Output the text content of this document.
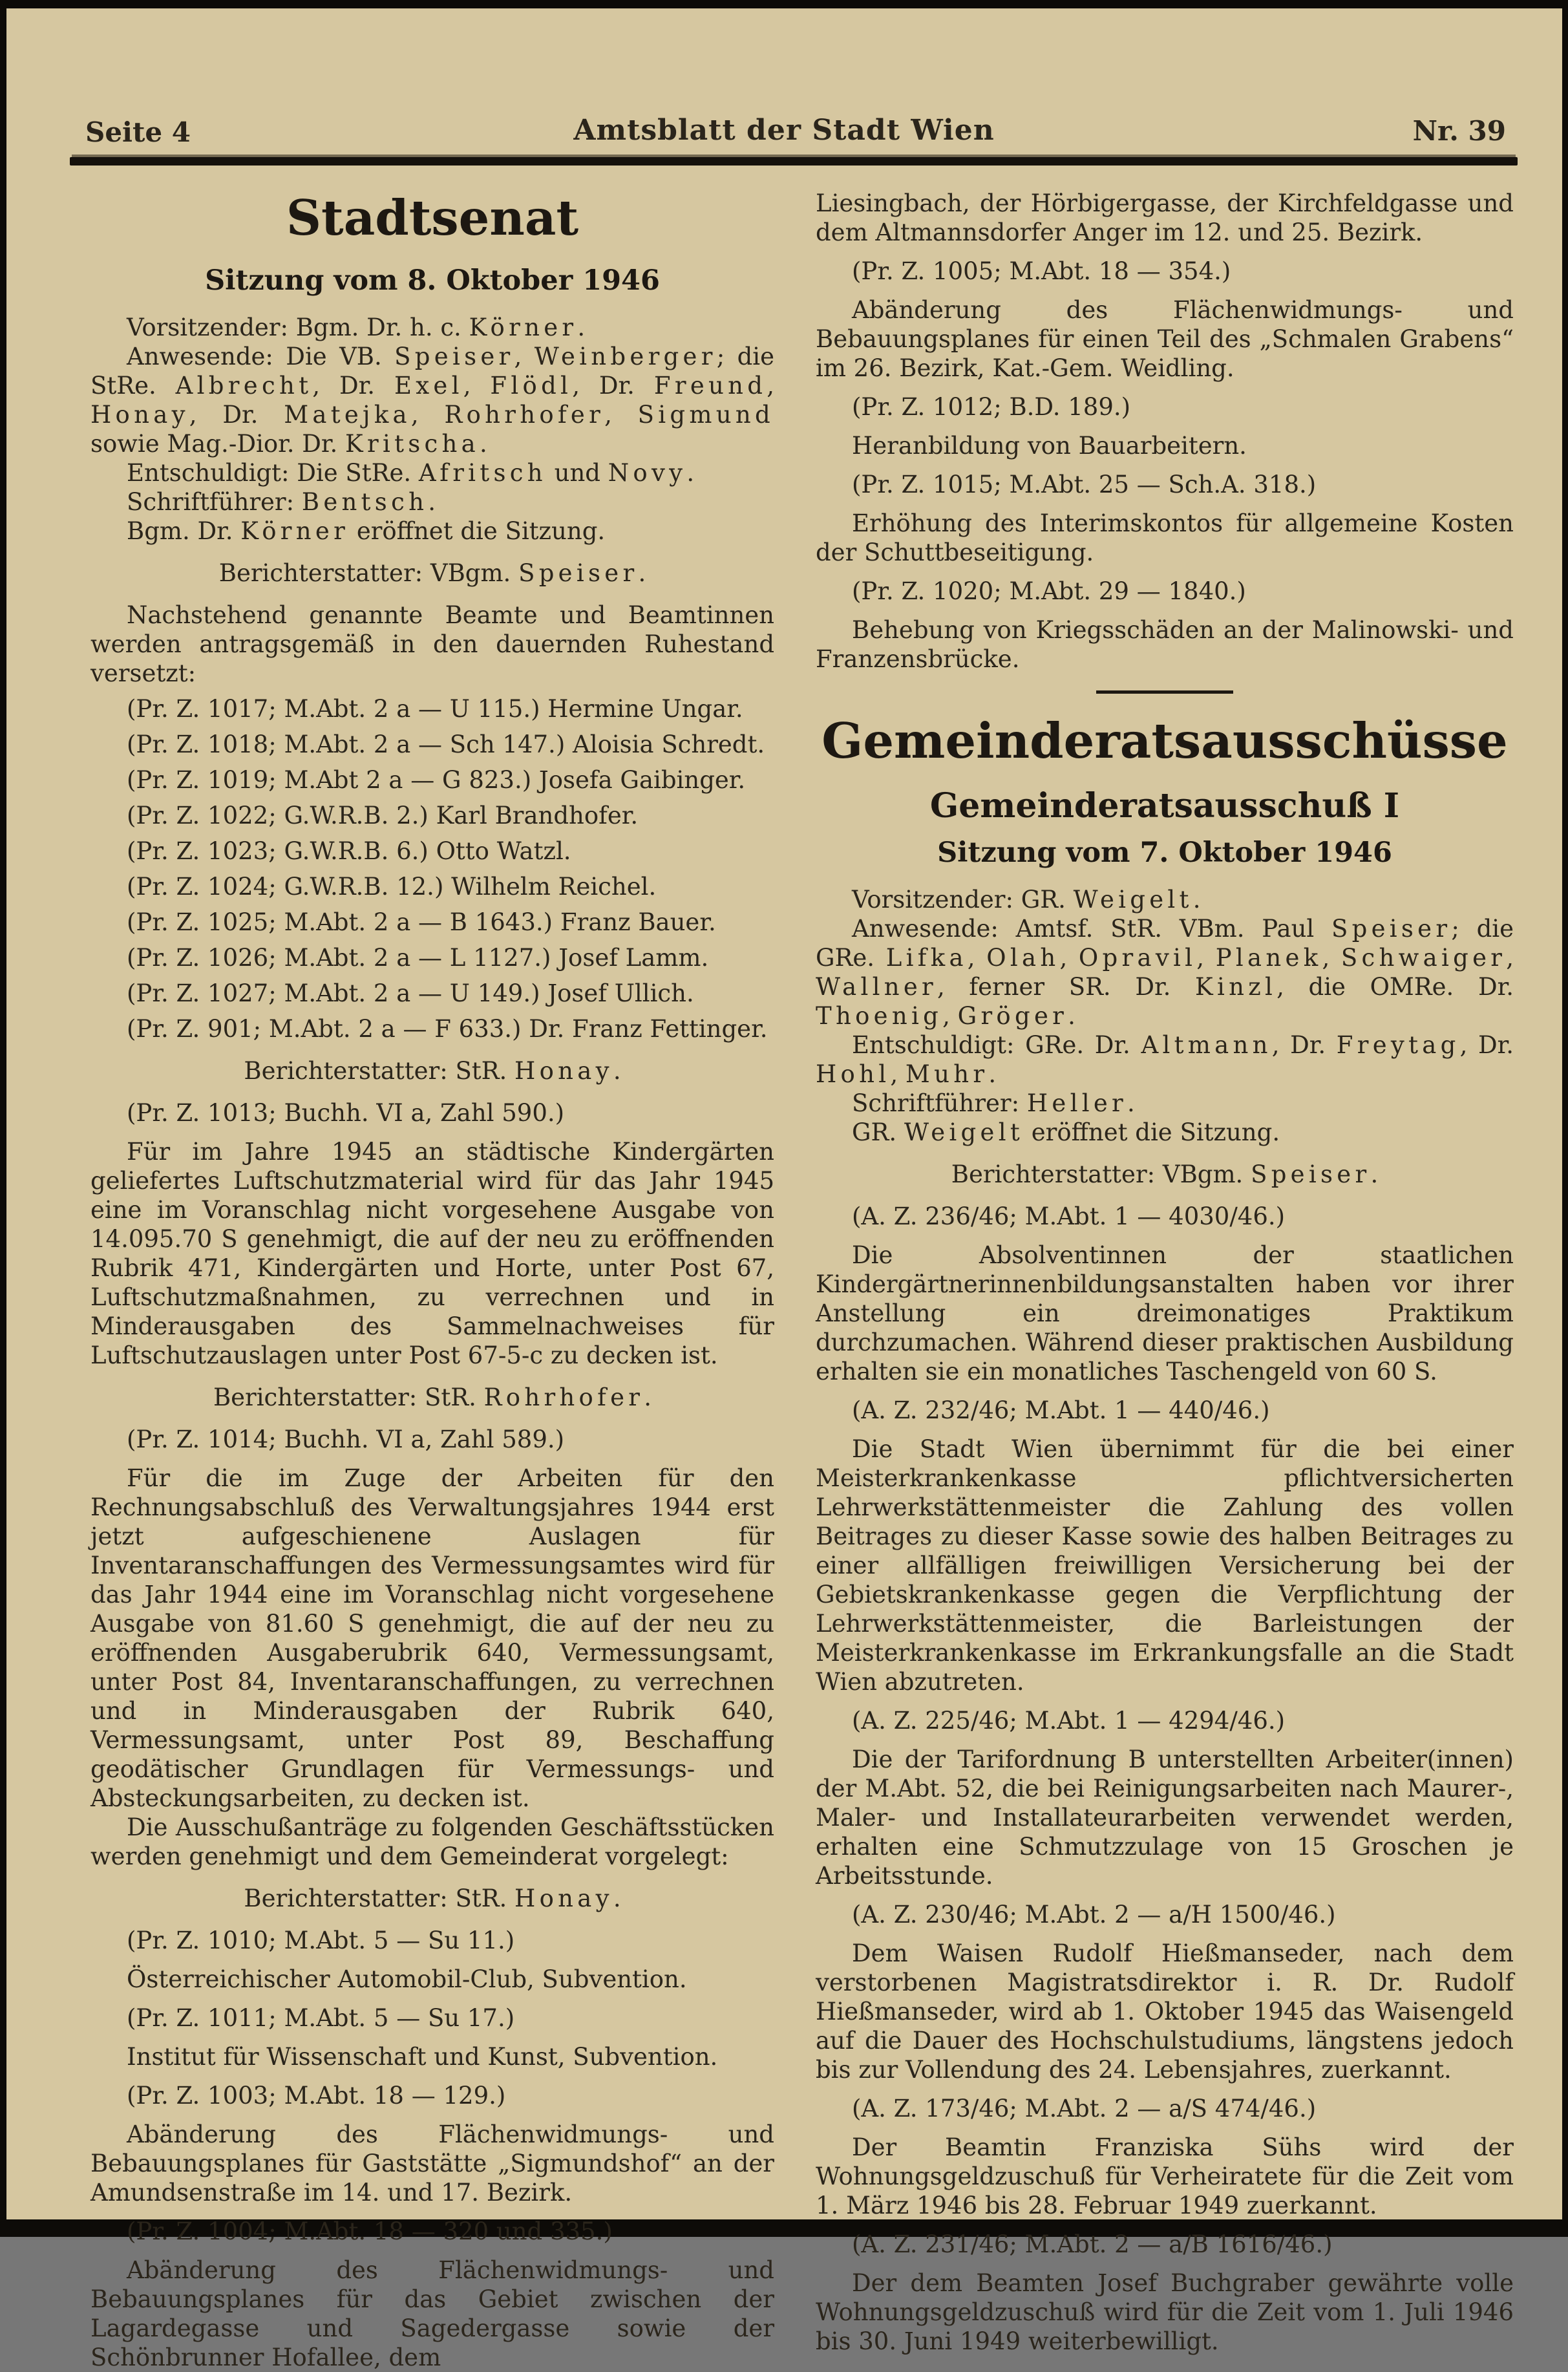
Seite 4	Amtsblatt der Stadt Wien	Nr. 39

Stadtsenat

Sitzung vom 8. Oktober 1946

Vorsitzender: Bgm. Dr. h. c. Körner.

Anwesende: Die VB. Speiser, Weinberger; die StRe. Albrecht, Dr. Exel, Flödl, Dr. Freund, Honay, Dr. Matejka, Rohrhofer, Sigmund sowie Mag.-Dior. Dr. Kritscha.

Entschuldigt: Die StRe. Afritsch und Novy.

Schriftführer: Bentsch.

Bgm. Dr. Körner eröffnet die Sitzung.

Berichterstatter: VBgm. Speiser.

Nachstehend genannte Beamte und Beamtinnen werden antragsgemäß in den dauernden Ruhestand versetzt:

(Pr. Z. 1017; M.Abt. 2 a — U 115.) Hermine Ungar.

(Pr. Z. 1018; M.Abt. 2 a — Sch 147.) Aloisia Schredt.

(Pr. Z. 1019; M.Abt 2 a — G 823.) Josefa Gaibinger.

(Pr. Z. 1022; G.W.R.B. 2.) Karl Brandhofer.

(Pr. Z. 1023; G.W.R.B. 6.) Otto Watzl.

(Pr. Z. 1024; G.W.R.B. 12.) Wilhelm Reichel.

(Pr. Z. 1025; M.Abt. 2 a — B 1643.) Franz Bauer.

(Pr. Z. 1026; M.Abt. 2 a — L 1127.) Josef Lamm.

(Pr. Z. 1027; M.Abt. 2 a — U 149.) Josef Ullich.

(Pr. Z. 901; M.Abt. 2 a — F 633.) Dr. Franz Fettinger.

Berichterstatter: StR. Honay.

(Pr. Z. 1013; Buchh. VI a, Zahl 590.)

Für im Jahre 1945 an städtische Kindergärten geliefertes Luftschutzmaterial wird für das Jahr 1945 eine im Voranschlag nicht vorgesehene Ausgabe von 14.095.70 S genehmigt, die auf der neu zu eröffnenden Rubrik 471, Kindergärten und Horte, unter Post 67, Luftschutzmaßnahmen, zu verrechnen und in Minderausgaben des Sammelnachweises für Luftschutzauslagen unter Post 67-5-c zu decken ist.

Berichterstatter: StR. Rohrhofer.

(Pr. Z. 1014; Buchh. VI a, Zahl 589.)

Für die im Zuge der Arbeiten für den Rechnungsabschluß des Verwaltungsjahres 1944 erst jetzt aufgeschienene Auslagen für Inventaranschaffungen des Vermessungsamtes wird für das Jahr 1944 eine im Voranschlag nicht vorgesehene Ausgabe von 81.60 S genehmigt, die auf der neu zu eröffnenden Ausgaberubrik 640, Vermessungsamt, unter Post 84, Inventaranschaffungen, zu verrechnen und in Minderausgaben der Rubrik 640, Vermessungsamt, unter Post 89, Beschaffung geodätischer Grundlagen für Vermessungs- und Absteckungsarbeiten, zu decken ist.

Die Ausschußanträge zu folgenden Geschäftsstücken werden genehmigt und dem Gemeinderat vorgelegt:

Berichterstatter: StR. Honay.

(Pr. Z. 1010; M.Abt. 5 — Su 11.)

Österreichischer Automobil-Club, Subvention.

(Pr. Z. 1011; M.Abt. 5 — Su 17.)

Institut für Wissenschaft und Kunst, Subvention.

(Pr. Z. 1003; M.Abt. 18 — 129.)

Abänderung des Flächenwidmungs- und Bebauungsplanes für Gaststätte „Sigmundshof“ an der Amundsenstraße im 14. und 17. Bezirk.

(Pr. Z. 1004; M.Abt. 18 — 320 und 335.)

Abänderung des Flächenwidmungs- und Bebauungsplanes für das Gebiet zwischen der Lagardegasse und Sagedergasse sowie der Schönbrunner Hofallee, dem

Liesingbach, der Hörbigergasse, der Kirchfeldgasse und dem Altmannsdorfer Anger im 12. und 25. Bezirk.

(Pr. Z. 1005; M.Abt. 18 — 354.)

Abänderung des Flächenwidmungs- und Bebauungsplanes für einen Teil des „Schmalen Grabens“ im 26. Bezirk, Kat.-Gem. Weidling.

(Pr. Z. 1012; B.D. 189.)

Heranbildung von Bauarbeitern.

(Pr. Z. 1015; M.Abt. 25 — Sch.A. 318.)

Erhöhung des Interimskontos für allgemeine Kosten der Schuttbeseitigung.

(Pr. Z. 1020; M.Abt. 29 — 1840.)

Behebung von Kriegsschäden an der Malinowski- und Franzensbrücke.

Gemeinderatsausschüsse

Gemeinderatsausschuß I

Sitzung vom 7. Oktober 1946

Vorsitzender: GR. Weigelt.

Anwesende: Amtsf. StR. VBm. Paul Speiser; die GRe. Lifka, Olah, Opravil, Planek, Schwaiger, Wallner, ferner SR. Dr. Kinzl, die OMRe. Dr. Thoenig, Gröger.

Entschuldigt: GRe. Dr. Altmann, Dr. Freytag, Dr. Hohl, Muhr.

Schriftführer: Heller.

GR. Weigelt eröffnet die Sitzung.

Berichterstatter: VBgm. Speiser.

(A. Z. 236/46; M.Abt. 1 — 4030/46.)

Die Absolventinnen der staatlichen Kindergärtnerinnenbildungsanstalten haben vor ihrer Anstellung ein dreimonatiges Praktikum durchzumachen. Während dieser praktischen Ausbildung erhalten sie ein monatliches Taschengeld von 60 S.

(A. Z. 232/46; M.Abt. 1 — 440/46.)

Die Stadt Wien übernimmt für die bei einer Meisterkrankenkasse pflichtversicherten Lehrwerkstättenmeister die Zahlung des vollen Beitrages zu dieser Kasse sowie des halben Beitrages zu einer allfälligen freiwilligen Versicherung bei der Gebietskrankenkasse gegen die Verpflichtung der Lehrwerkstättenmeister, die Barleistungen der Meisterkrankenkasse im Erkrankungsfalle an die Stadt Wien abzutreten.

(A. Z. 225/46; M.Abt. 1 — 4294/46.)

Die der Tarifordnung B unterstellten Arbeiter(innen) der M.Abt. 52, die bei Reinigungsarbeiten nach Maurer-, Maler- und Installateurarbeiten verwendet werden, erhalten eine Schmutzzulage von 15 Groschen je Arbeitsstunde.

(A. Z. 230/46; M.Abt. 2 — a/H 1500/46.)

Dem Waisen Rudolf Hießmanseder, nach dem verstorbenen Magistratsdirektor i. R. Dr. Rudolf Hießmanseder, wird ab 1. Oktober 1945 das Waisengeld auf die Dauer des Hochschulstudiums, längstens jedoch bis zur Vollendung des 24. Lebensjahres, zuerkannt.

(A. Z. 173/46; M.Abt. 2 — a/S 474/46.)

Der Beamtin Franziska Sühs wird der Wohnungsgeldzuschuß für Verheiratete für die Zeit vom 1. März 1946 bis 28. Februar 1949 zuerkannt.

(A. Z. 231/46; M.Abt. 2 — a/B 1616/46.)

Der dem Beamten Josef Buchgraber gewährte volle Wohnungsgeldzuschuß wird für die Zeit vom 1. Juli 1946 bis 30. Juni 1949 weiterbewilligt.
